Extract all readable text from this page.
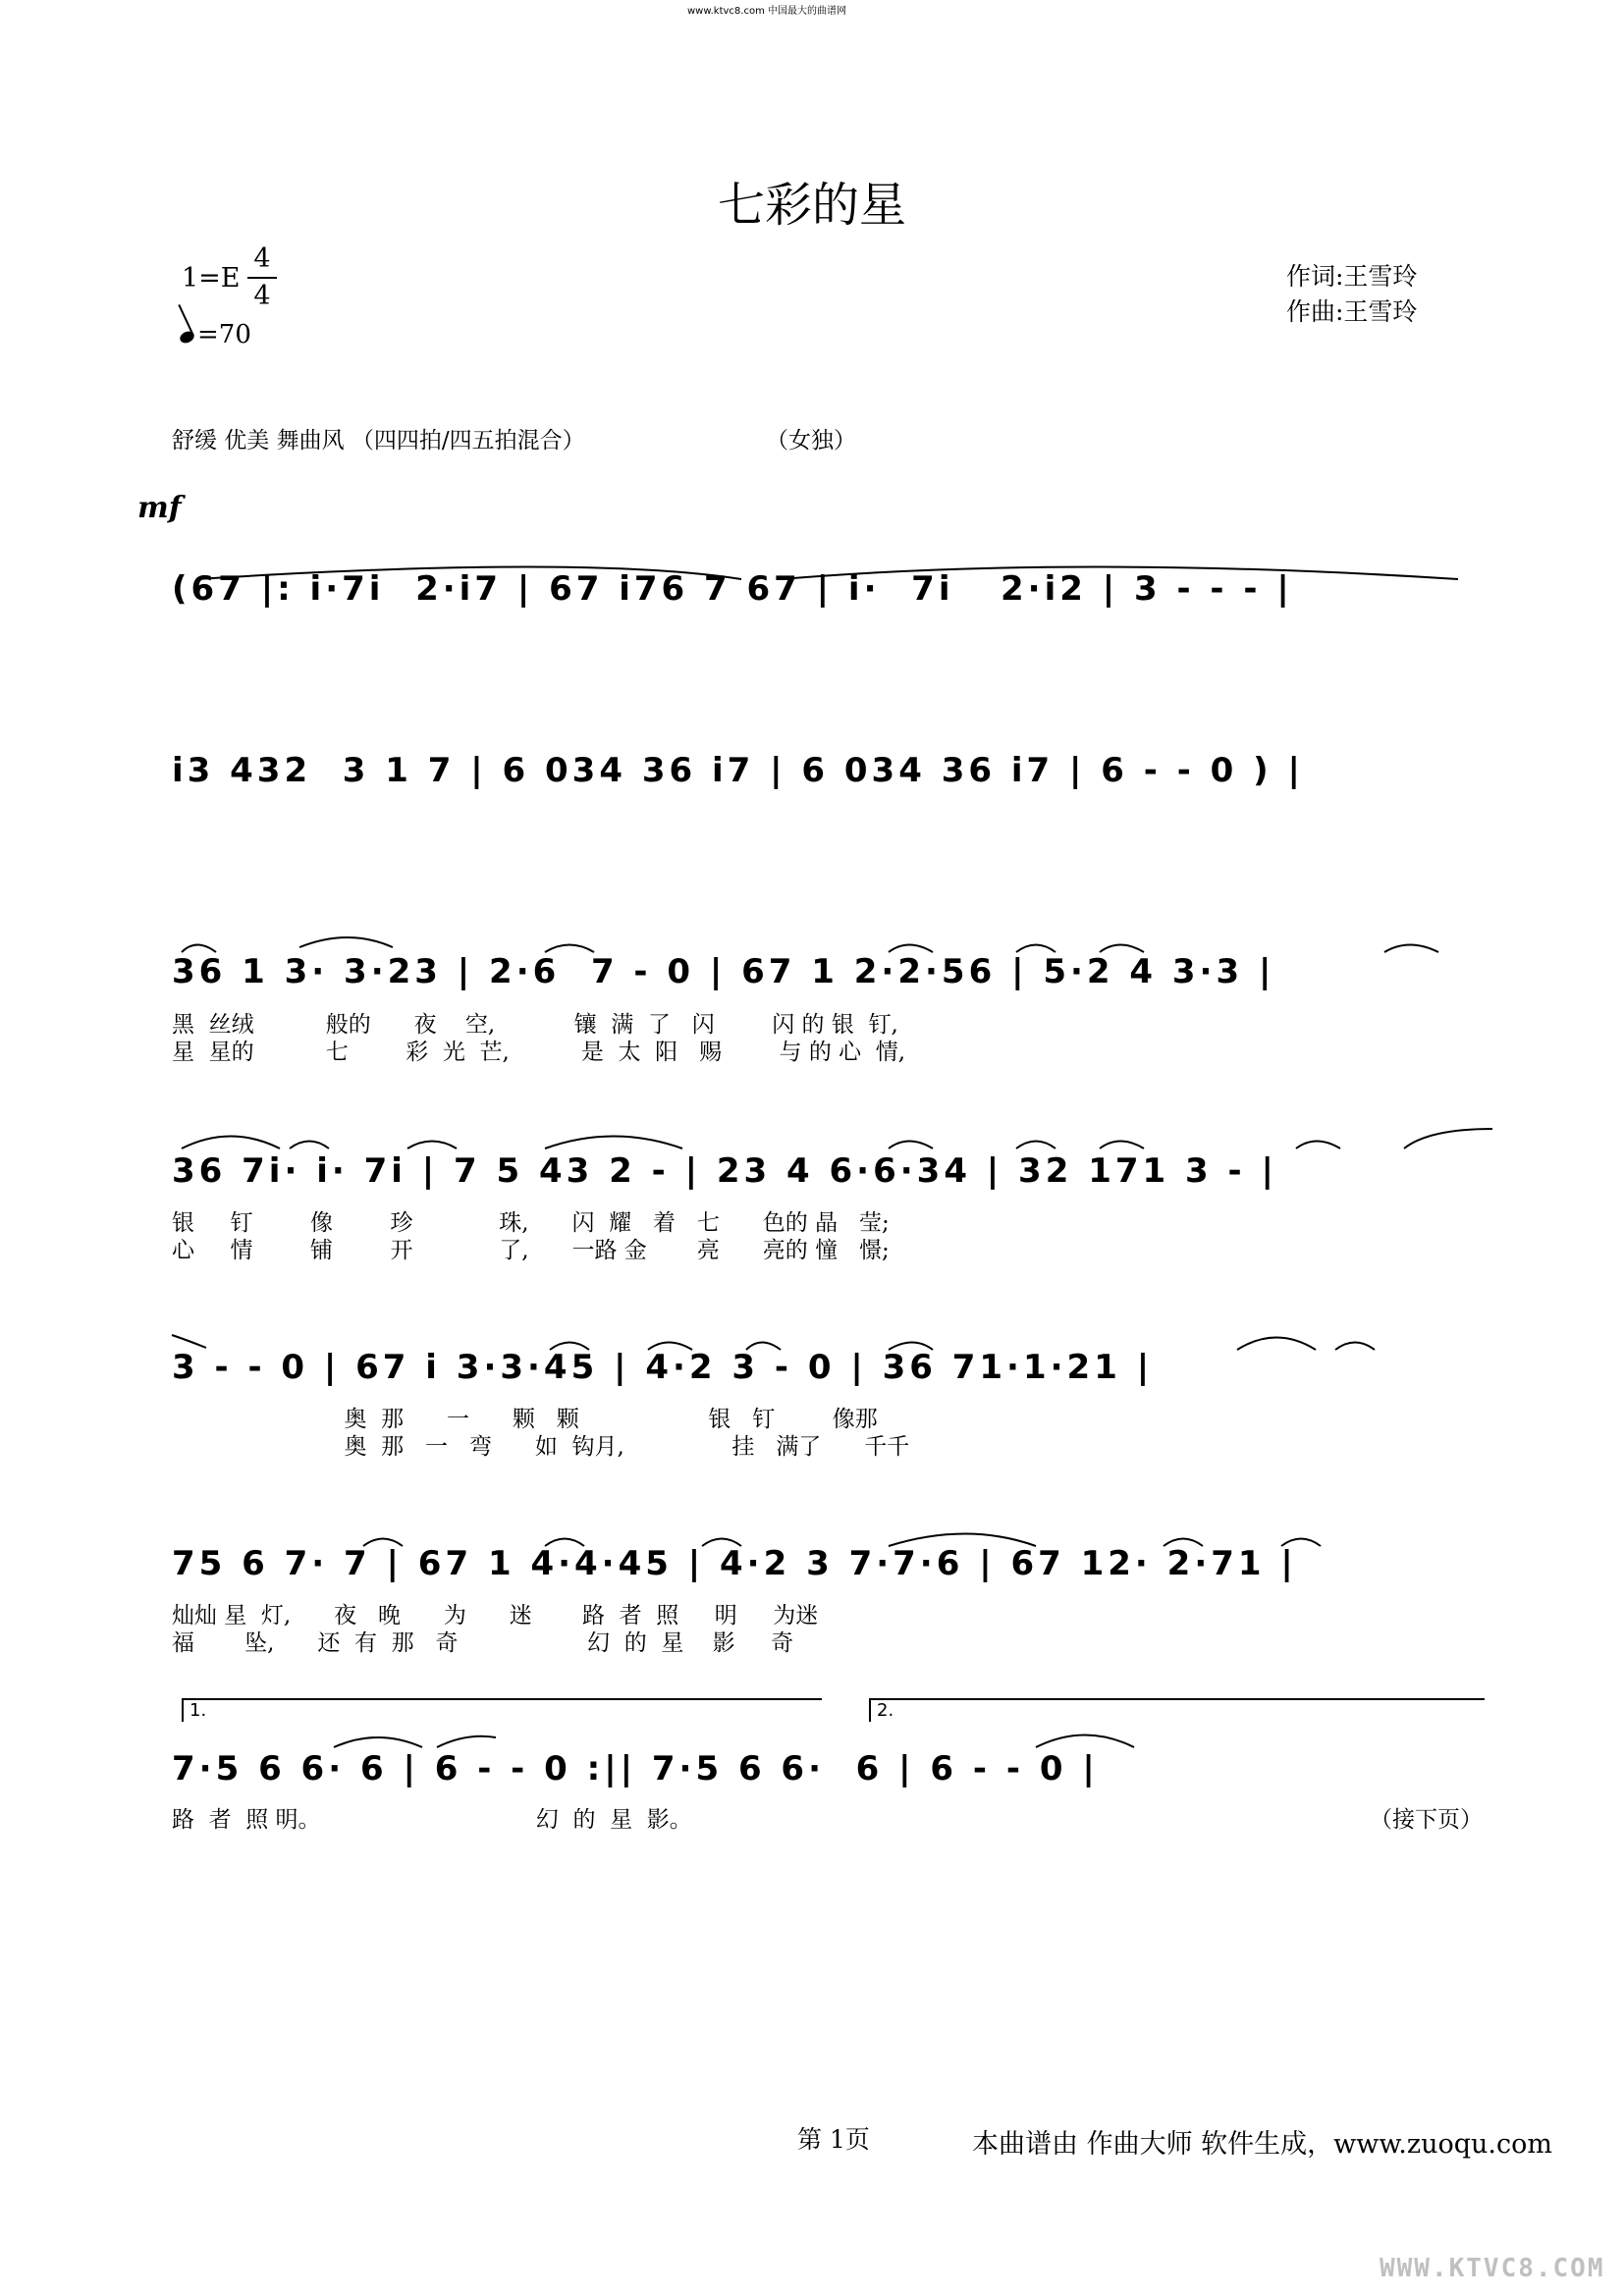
www.ktvc8.com 中国最大的曲谱网
七彩的星
1=E
4
4
=70
作词:王雪玲
作曲:王雪玲
舒缓 优美 舞曲风 （四四拍/四五拍混合）	（女独）
mf
(67 |: i·7i  2·i7 | 67 i76 7 67 | i·  7i   2·i2 | 3 - - - |
i3 432  3 1 7 | 6 034 36 i7 | 6 034 36 i7 | 6 - - 0 ) |
36 1 3· 3·23 | 2·6  7 - 0 | 67 1 2·2·56 | 5·2 4 3·3 |
黑  丝绒          般的      夜    空,           镶  满  了   闪        闪 的 银  钉,
星  星的          七        彩  光  芒,          是  太  阳   赐        与 的 心  情,
36 7i· i· 7i | 7 5 43 2 - | 23 4 6·6·34 | 32 171 3 - |
银     钉        像        珍            珠,      闪  耀   着   七      色的 晶   莹;
心     情        铺        开            了,      一路 金       亮      亮的 憧   憬;
3 - - 0 | 67 i 3·3·45 | 4·2 3 - 0 | 36 71·1·21 |
奥  那      一      颗   颗                  银   钉        像那
奥  那   一   弯      如  钩月,               挂   满了      千千
75 6 7· 7 | 67 1 4·4·45 | 4·2 3 7·7·6 | 67 12· 2·71 |
灿灿 星  灯,      夜   晚      为      迷       路  者  照     明     为迷
福       坠,      还  有  那   奇                  幻  的  星    影     奇
1.	2.
7·5 6 6· 6 | 6 - - 0 :|| 7·5 6 6·  6 | 6 - - 0 |
路  者  照 明。                              幻  的  星  影。	（接下页）
第 1页	本曲谱由 作曲大师 软件生成，www.zuoqu.com
WWW.KTVC8.COM
